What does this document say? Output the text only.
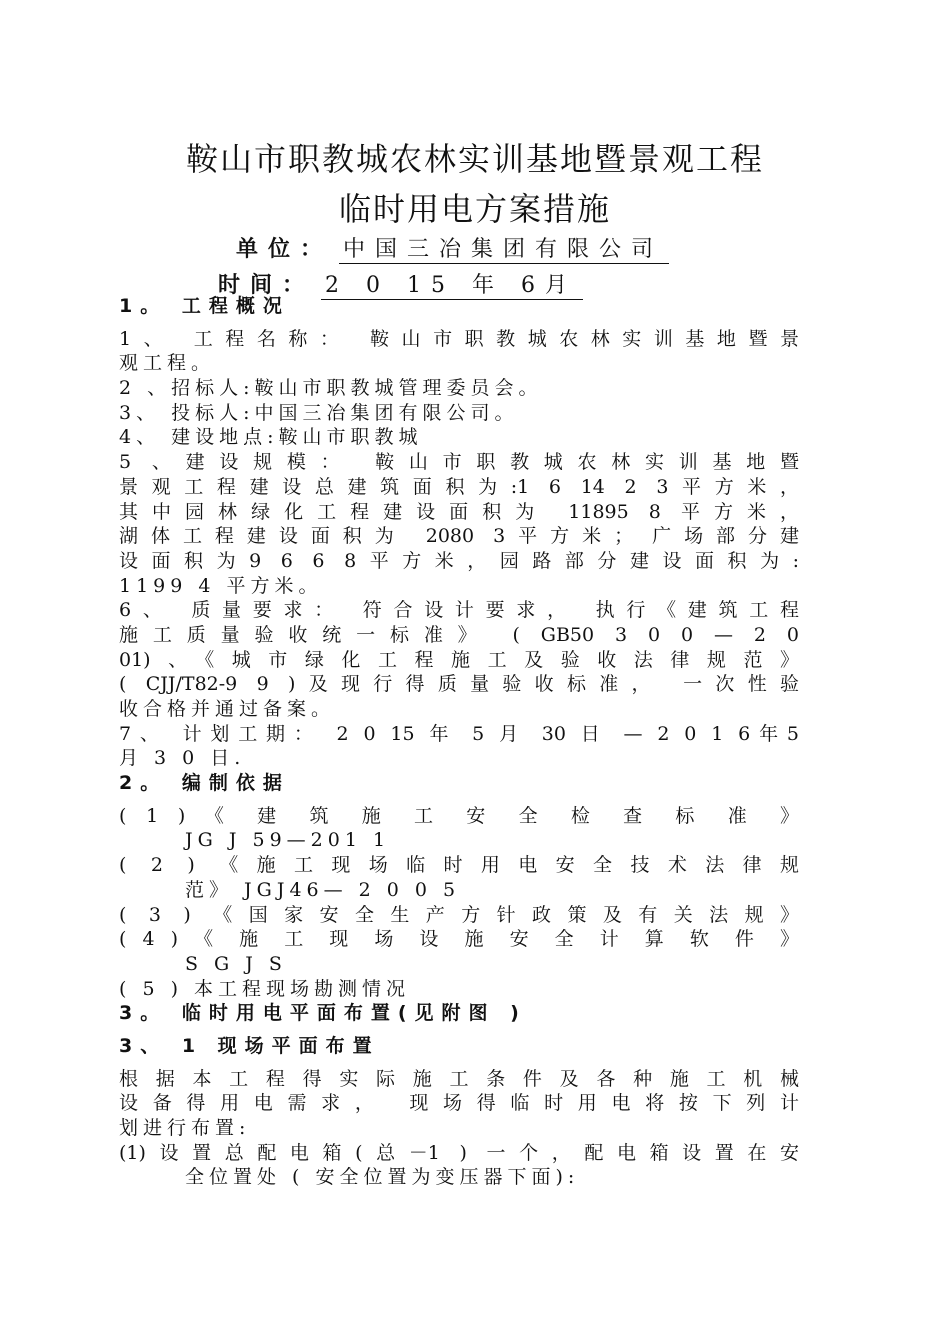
鞍山市职教城农林实训基地暨景观工程
临时用电方案措施
单位： 中国三冶集团有限公司
时间： 2 0 15 年 6月
1。 工程概况
1、 工程名称： 鞍山市职教城农林实训基地暨景
观工程。
2 、招标人:鞍山市职教城管理委员会。
3、 投标人:中国三冶集团有限公司。
4、 建设地点:鞍山市职教城
5 、建设规模： 鞍山市职教城农林实训基地暨
景观工程建设总建筑面积为:1 6 14 2 3平方米，
其中园林绿化工程建设面积为 11895 8 平方米，
湖体工程建设面积为 2080 3平方米； 广场部分建
设面积为9 6 6 8平方米，园路部分建设面积为:
1199 4 平方米。
6、 质量要求： 符合设计要求， 执行《建筑工程
施工质量验收统一标准》 ( GB50 3 0 0 — 2 0
01)、《城市绿化工程施工及验收法律规范》
( CJJ/T82-9 9 )及现行得质量验收标准， 一次性验
收合格并通过备案。
7、 计划工期： 2 0 15 年 5 月 30 日 — 2 0 1 6年5
月 3 0 日.
2。 编制依据
( 1 ) 《 建 筑 施 工 安 全 检 查 标 准 》
JG J 59—201 1
( 2 ) 《施工现场临时用电安全技术法律规
范》 JGJ46— 2 0 0 5
( 3 ) 《国家安全生产方针政策及有关法规》
( 4 ) 《 施 工 现 场 设 施 安 全 计 算 软 件 》
S G J S
( 5 ) 本工程现场勘测情况
3。 临时用电平面布置(见附图 )
3、 1 现场平面布置
根据本工程得实际施工条件及各种施工机械
设备得用电需求， 现场得临时用电将按下列计
划进行布置:
(1)设置总配电箱(总－1 ) 一个，配电箱设置在安
全位置处 ( 安全位置为变压器下面):
